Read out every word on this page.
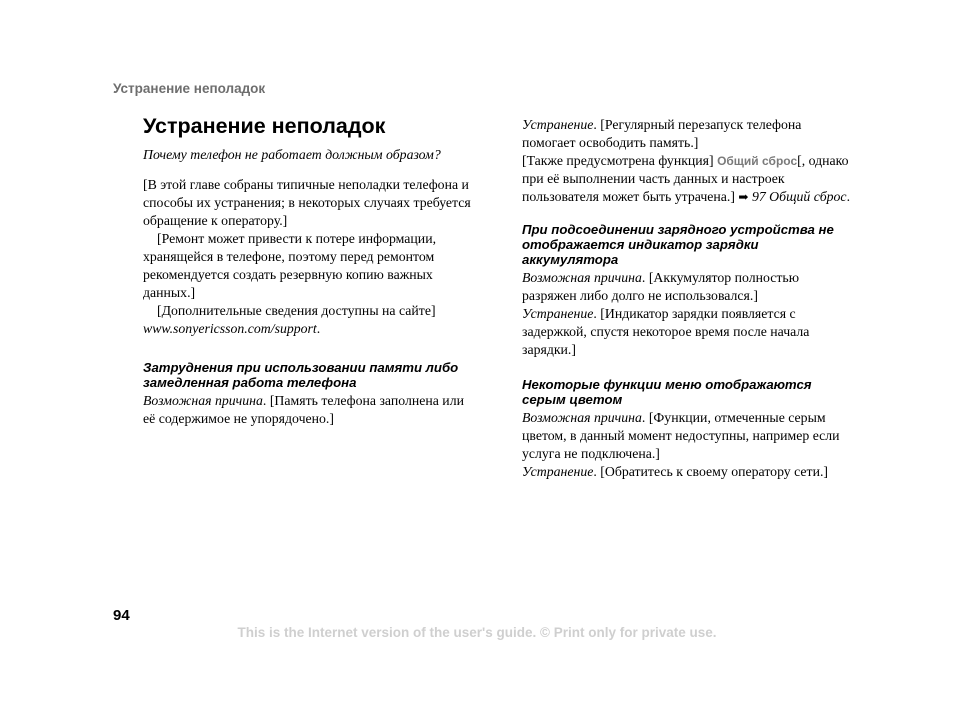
Устранение неполадок
Устранение неполадок

Почему телефон не работает должным образом?

[В этой главе собраны типичные неполадки телефона и способы их устранения; в некоторых случаях требуется обращение к оператору.]

[Ремонт может привести к потере информации, хранящейся в телефоне, поэтому перед ремонтом рекомендуется создать резервную копию важных данных.]

[Дополнительные сведения доступны на сайте] www.sonyericsson.com/support.

Затруднения при использовании памяти либо замедленная работа телефона

Возможная причина. [Память телефона заполнена или её содержимое не упорядочено.]

Устранение. [Регулярный перезапуск телефона помогает освободить память.]

[Также предусмотрена функция] Общий сброс[, однако при её выполнении часть данных и настроек пользователя может быть утрачена.] ➡ 97 Общий сброс.

При подсоединении зарядного устройства не отображается индикатор зарядки аккумулятора

Возможная причина. [Аккумулятор полностью разряжен либо долго не использовался.]

Устранение. [Индикатор зарядки появляется с задержкой, спустя некоторое время после начала зарядки.]

Некоторые функции меню отображаются серым цветом

Возможная причина. [Функции, отмеченные серым цветом, в данный момент недоступны, например если услуга не подключена.]

Устранение. [Обратитесь к своему оператору сети.]

94
This is the Internet version of the user's guide. © Print only for private use.
